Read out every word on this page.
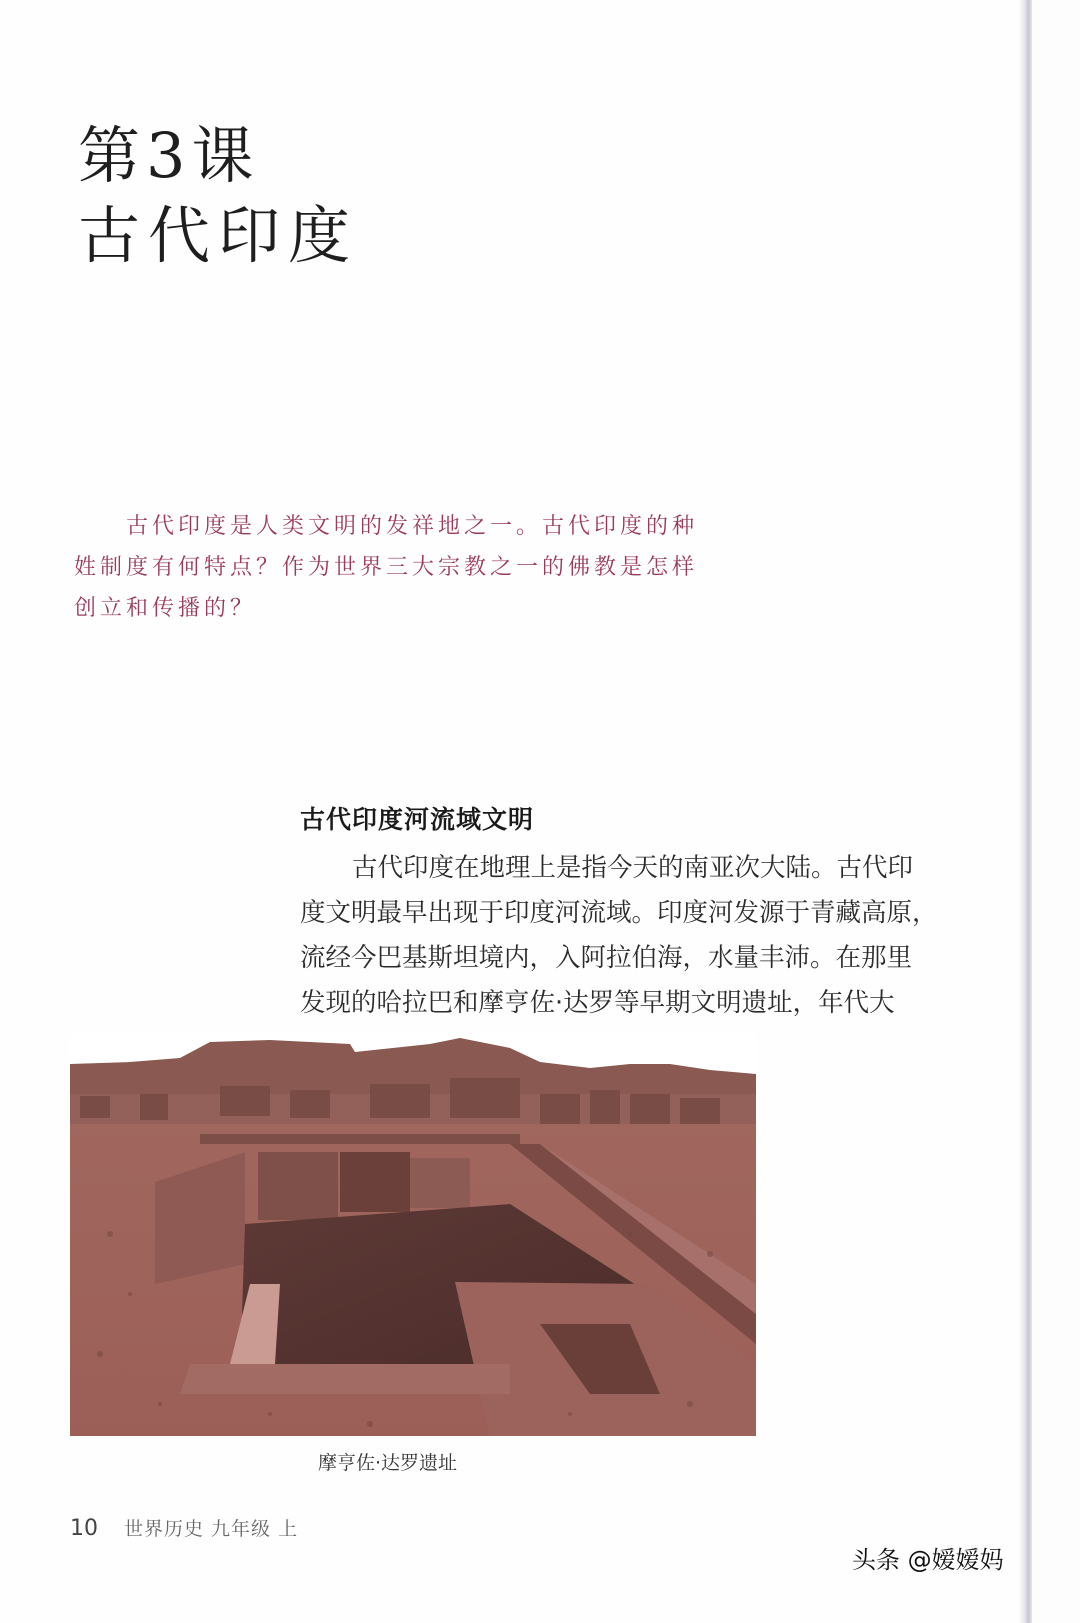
第3课
古代印度

古代印度是人类文明的发祥地之一。古代印度的种姓制度有何特点？作为世界三大宗教之一的佛教是怎样创立和传播的？

古代印度河流域文明
古代印度在地理上是指今天的南亚次大陆。古代印
度文明最早出现于印度河流域。印度河发源于青藏高原，
流经今巴基斯坦境内，入阿拉伯海，水量丰沛。在那里
发现的哈拉巴和摩亨佐·达罗等早期文明遗址，年代大

摩亨佐·达罗遗址

10 世界历史 九年级 上
头条 @嫒嫒妈
